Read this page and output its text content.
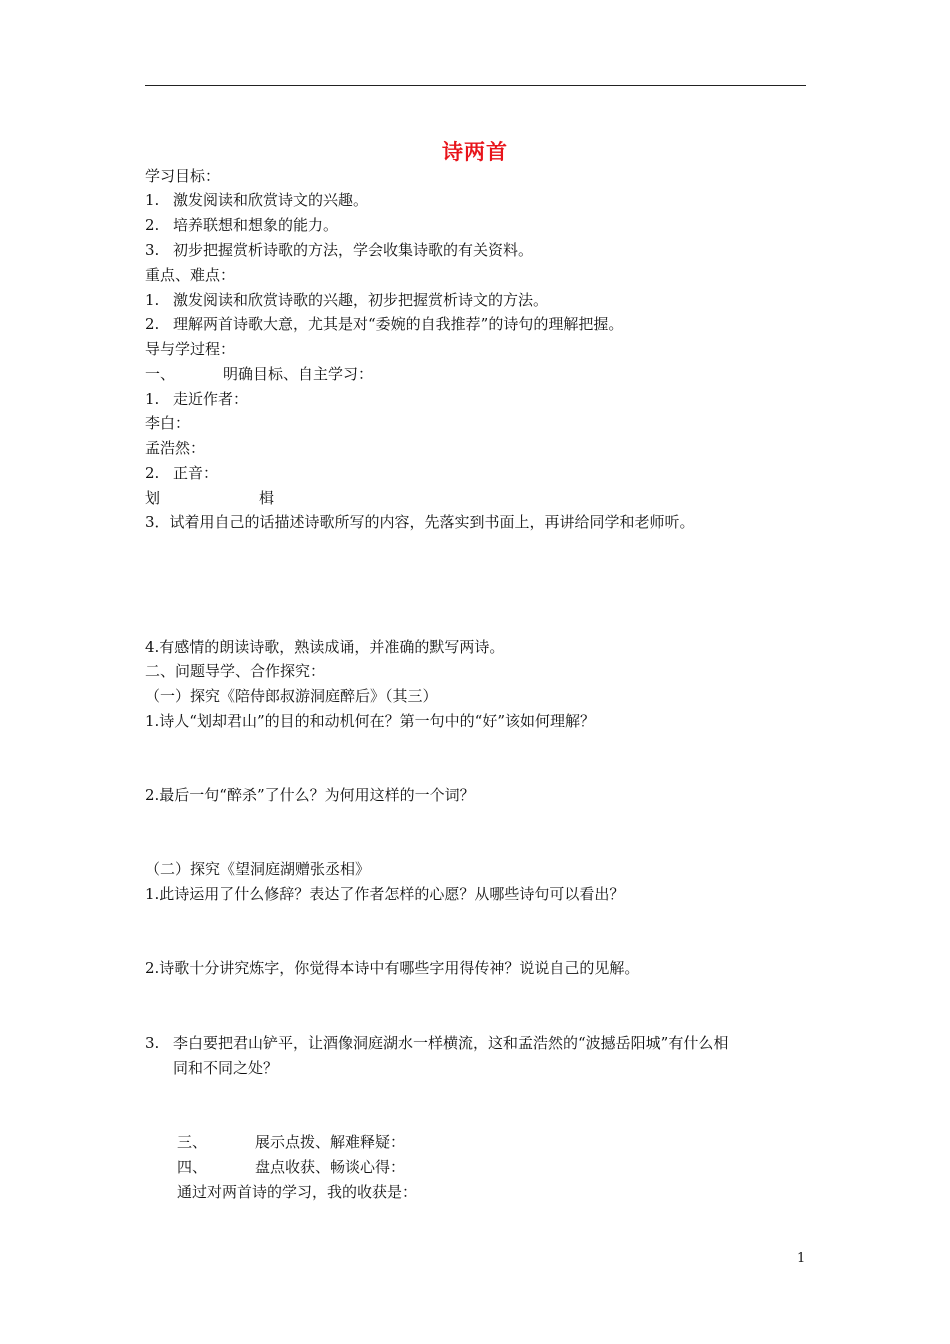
诗两首
学习目标：
1. 激发阅读和欣赏诗文的兴趣。
2. 培养联想和想象的能力。
3. 初步把握赏析诗歌的方法，学会收集诗歌的有关资料。
重点、难点：
1. 激发阅读和欣赏诗歌的兴趣，初步把握赏析诗文的方法。
2. 理解两首诗歌大意，尤其是对“委婉的自我推荐”的诗句的理解把握。
导与学过程：
一、	明确目标、自主学习：
1. 走近作者：
李白：
孟浩然：
2. 正音：
划	楫
3．试着用自己的话描述诗歌所写的内容，先落实到书面上，再讲给同学和老师听。
4.有感情的朗读诗歌，熟读成诵，并准确的默写两诗。
二、问题导学、合作探究：
（一）探究《陪侍郎叔游洞庭醉后》（其三）
1.诗人“划却君山”的目的和动机何在？第一句中的“好”该如何理解？
2.最后一句“醉杀”了什么？为何用这样的一个词？
（二）探究《望洞庭湖赠张丞相》
1.此诗运用了什么修辞？表达了作者怎样的心愿？从哪些诗句可以看出？
2.诗歌十分讲究炼字，你觉得本诗中有哪些字用得传神？说说自己的见解。
3. 李白要把君山铲平，让酒像洞庭湖水一样横流，这和孟浩然的“波撼岳阳城”有什么相
同和不同之处？
三、	展示点拨、解难释疑：
四、	盘点收获、畅谈心得：
通过对两首诗的学习，我的收获是：
1
